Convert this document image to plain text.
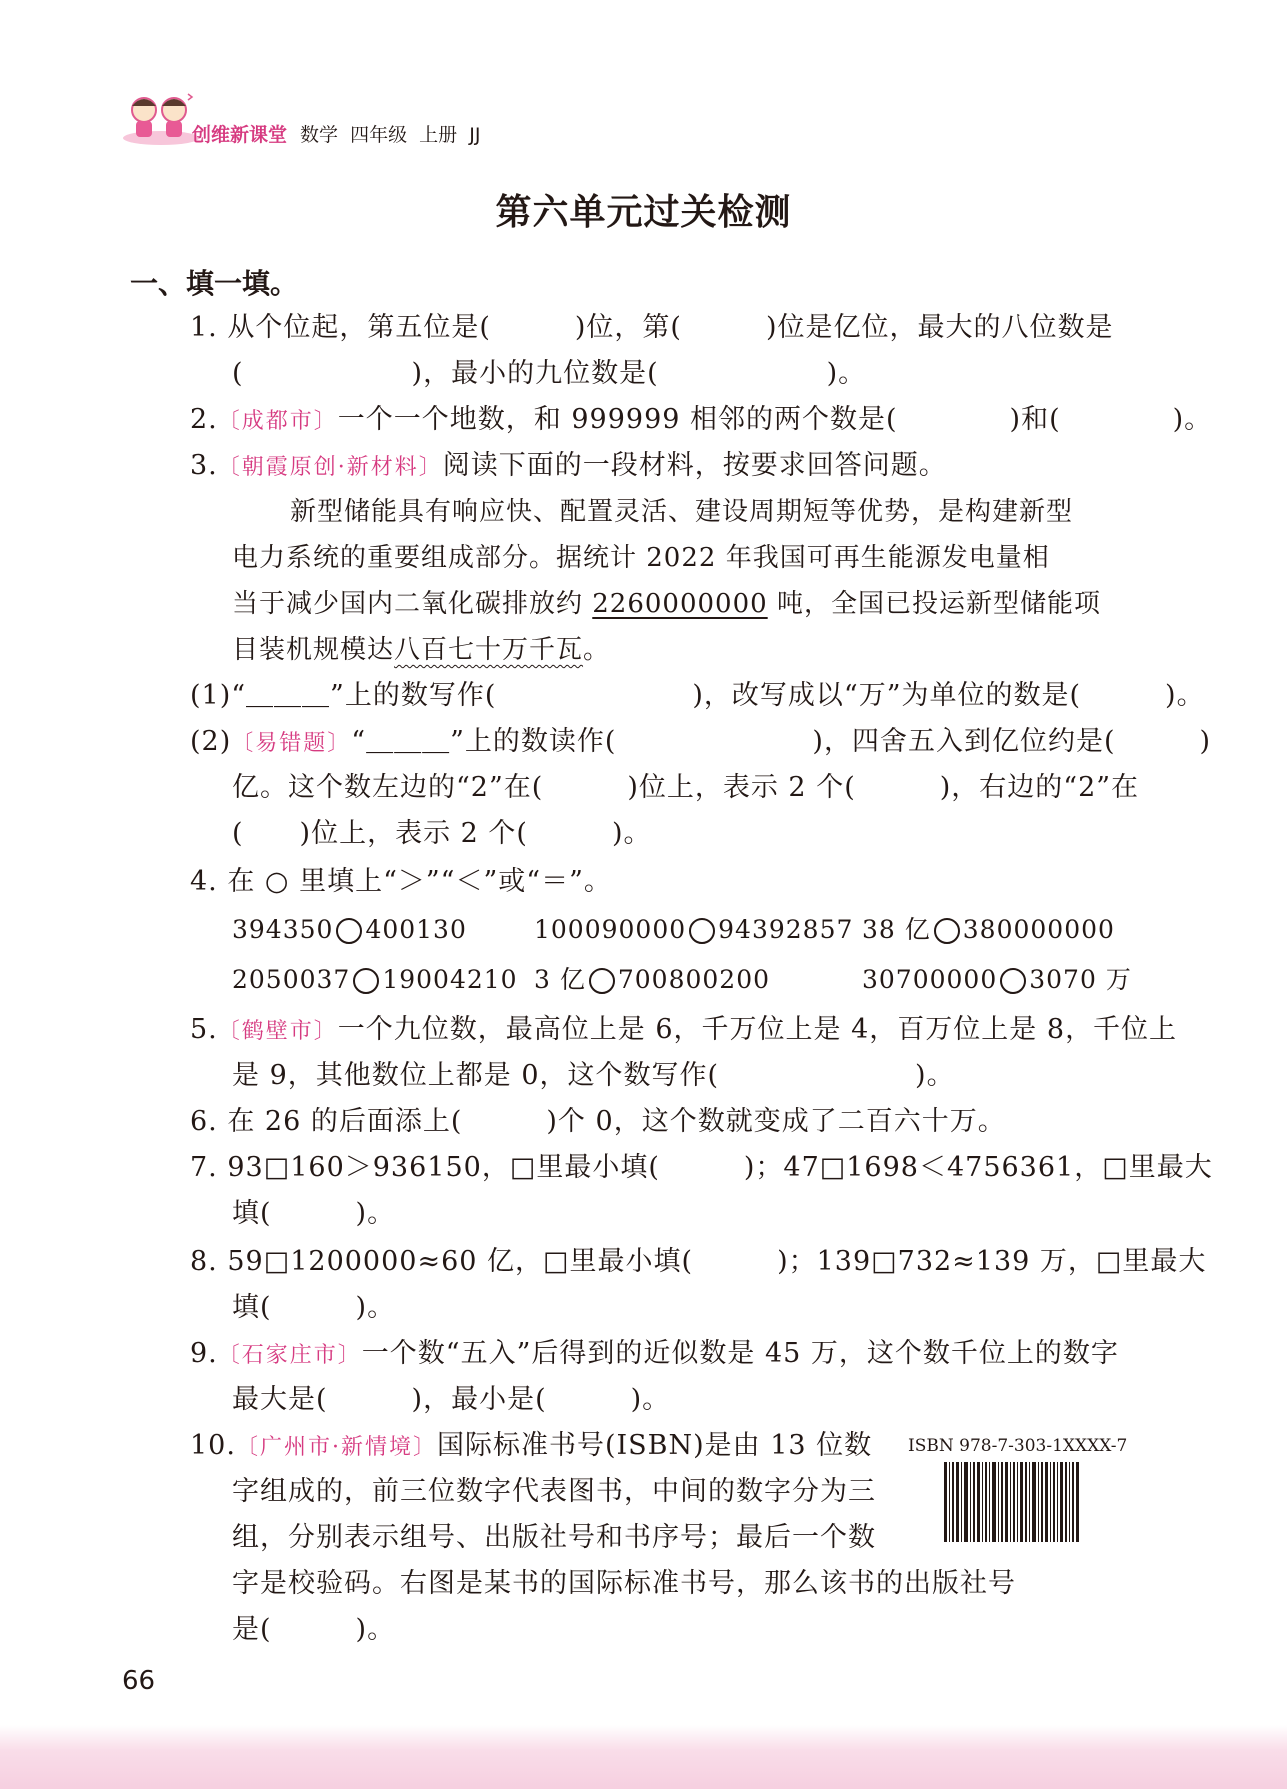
创维新课堂 数学  四年级  上册  JJ
第六单元过关检测
一、填一填。
1. 从个位起，第五位是(　　　)位，第(　　　)位是亿位，最大的八位数是
(　　　　　　)，最小的九位数是(　　　　　　)。
2.〔成都市〕一个一个地数，和 999999 相邻的两个数是(　　　　)和(　　　　)。
3.〔朝霞原创·新材料〕阅读下面的一段材料，按要求回答问题。
新型储能具有响应快、配置灵活、建设周期短等优势，是构建新型
电力系统的重要组成部分。据统计 2022 年我国可再生能源发电量相
当于减少国内二氧化碳排放约 2260000000 吨，全国已投运新型储能项
目装机规模达八百七十万千瓦。
(1)“＿＿＿”上的数写作(　　　　　　　)，改写成以“万”为单位的数是(　　　)。
(2)〔易错题〕“＿＿＿”上的数读作(　　　　　　　)，四舍五入到亿位约是(　　　)
亿。这个数左边的“2”在(　　　)位上，表示 2 个(　　　)，右边的“2”在
(　　)位上，表示 2 个(　　　)。
4. 在 ○ 里填上“＞”“＜”或“＝”。
394350 400130	100090000 94392857 38 亿 380000000
2050037 19004210 3 亿 700800200	30700000 3070 万
5.〔鹤壁市〕一个九位数，最高位上是 6，千万位上是 4，百万位上是 8，千位上
是 9，其他数位上都是 0，这个数写作(　　　　　　　)。
6. 在 26 的后面添上(　　　)个 0，这个数就变成了二百六十万。
7. 93□160＞936150，□里最小填(　　　)；47□1698＜4756361，□里最大
填(　　　)。
8. 59□1200000≈60 亿，□里最小填(　　　)；139□732≈139 万，□里最大
填(　　　)。
9.〔石家庄市〕一个数“五入”后得到的近似数是 45 万，这个数千位上的数字
最大是(　　　)，最小是(　　　)。
10.〔广州市·新情境〕国际标准书号(ISBN)是由 13 位数
字组成的，前三位数字代表图书，中间的数字分为三
组，分别表示组号、出版社号和书序号；最后一个数
字是校验码。右图是某书的国际标准书号，那么该书的出版社号
是(　　　)。
ISBN 978-7-303-1XXXX-7
66
